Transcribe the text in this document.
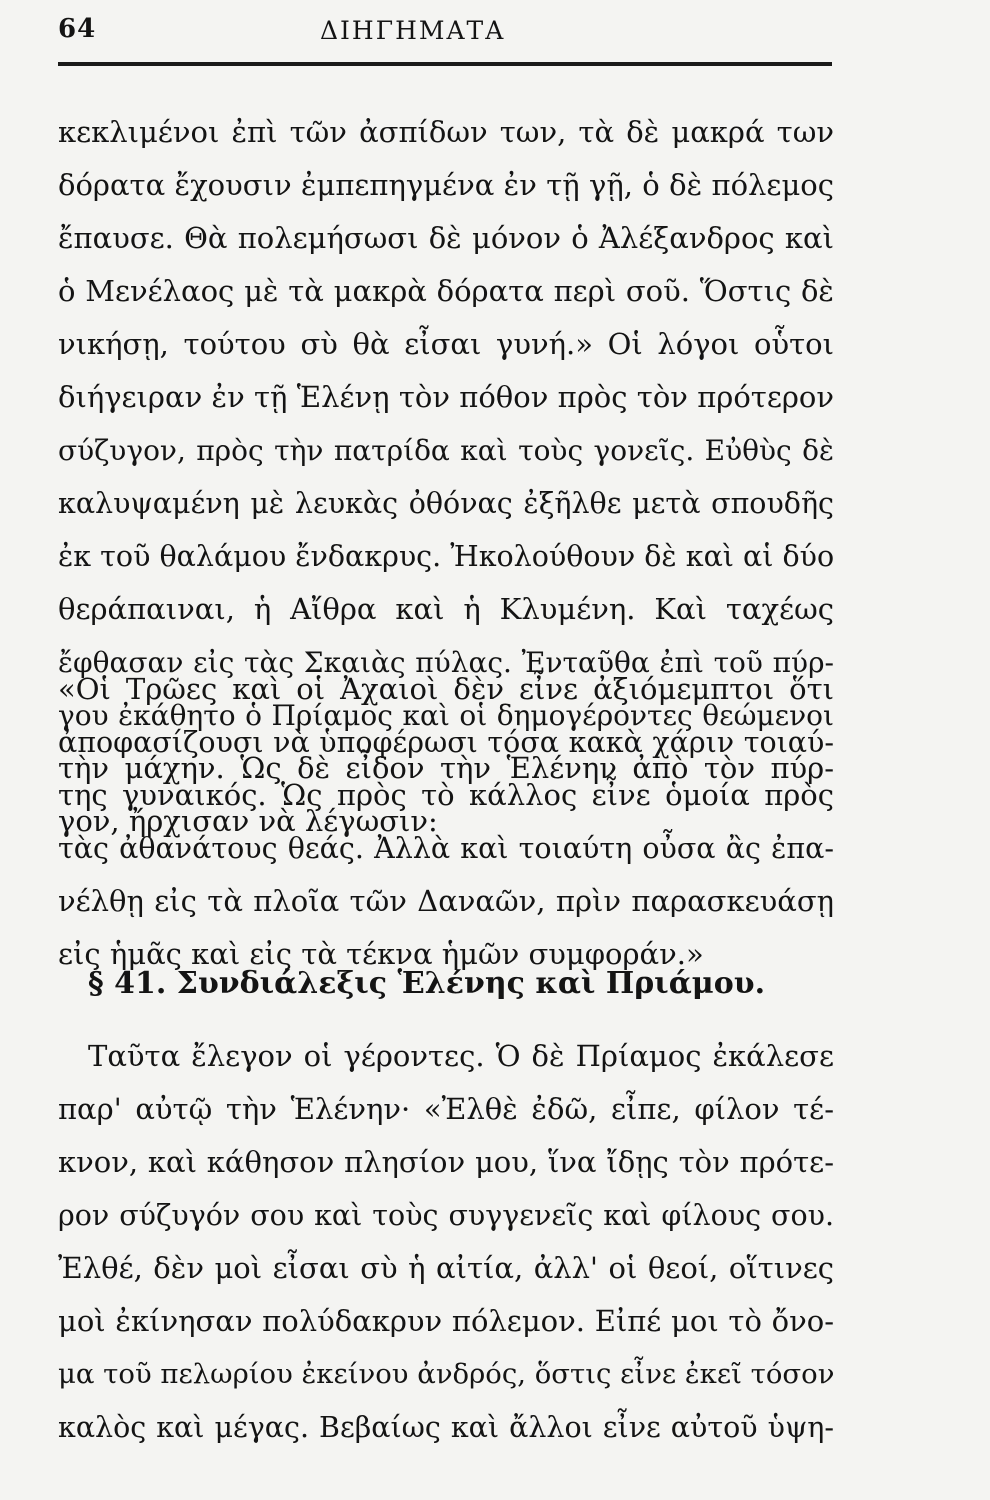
64	ΔΙΗΓΗΜΑΤΑ
κεκλιμένοι ἐπὶ τῶν ἀσπίδων των, τὰ δὲ μακρά των
δόρατα ἔχουσιν ἐμπεπηγμένα ἐν τῇ γῇ, ὁ δὲ πόλεμος
ἔπαυσε. Θὰ πολεμήσωσι δὲ μόνον ὁ Ἀλέξανδρος καὶ
ὁ Μενέλαος μὲ τὰ μακρὰ δόρατα περὶ σοῦ. Ὅστις δὲ
νικήσῃ, τούτου σὺ θὰ εἶσαι γυνή.» Οἱ λόγοι οὗτοι
διήγειραν ἐν τῇ Ἑλένῃ τὸν πόθον πρὸς τὸν πρότερον
σύζυγον, πρὸς τὴν πατρίδα καὶ τοὺς γονεῖς. Εὐθὺς δὲ
καλυψαμένη μὲ λευκὰς ὀθόνας ἐξῆλθε μετὰ σπουδῆς
ἐκ τοῦ θαλάμου ἔνδακρυς. Ἠκολούθουν δὲ καὶ αἱ δύο
θεράπαιναι, ἡ Αἴθρα καὶ ἡ Κλυμένη. Καὶ ταχέως
ἔφθασαν εἰς τὰς Σκαιὰς πύλας. Ἐνταῦθα ἐπὶ τοῦ πύρ-
γου ἐκάθητο ὁ Πρίαμος καὶ οἱ δημογέροντες θεώμενοι
τὴν μάχην. Ὡς δὲ εἶδον τὴν Ἑλένην ἀπὸ τὸν πύρ-
γον, ἤρχισαν νὰ λέγωσιν:
«Οἱ Τρῶες καὶ οἱ Ἀχαιοὶ δὲν εἶνε ἀξιόμεμπτοι ὅτι
ἀποφασίζουσι νὰ ὑποφέρωσι τόσα κακὰ χάριν τοιαύ-
της γυναικός. Ὡς πρὸς τὸ κάλλος εἶνε ὁμοία πρὸς
τὰς ἀθανάτους θεάς. Ἀλλὰ καὶ τοιαύτη οὖσα ἂς ἐπα-
νέλθῃ εἰς τὰ πλοῖα τῶν Δαναῶν, πρὶν παρασκευάσῃ
εἰς ἡμᾶς καὶ εἰς τὰ τέκνα ἡμῶν συμφοράν.»
§ 41. Συνδιάλεξις Ἑλένης καὶ Πριάμου.
Ταῦτα ἔλεγον οἱ γέροντες. Ὁ δὲ Πρίαμος ἐκάλεσε
παρ' αὐτῷ τὴν Ἑλένην· «Ἐλθὲ ἐδῶ, εἶπε, φίλον τέ-
κνον, καὶ κάθησον πλησίον μου, ἵνα ἴδῃς τὸν πρότε-
ρον σύζυγόν σου καὶ τοὺς συγγενεῖς καὶ φίλους σου.
Ἐλθέ, δὲν μοὶ εἶσαι σὺ ἡ αἰτία, ἀλλ' οἱ θεοί, οἵτινες
μοὶ ἐκίνησαν πολύδακρυν πόλεμον. Εἰπέ μοι τὸ ὄνο-
μα τοῦ πελωρίου ἐκείνου ἀνδρός, ὅστις εἶνε ἐκεῖ τόσον
καλὸς καὶ μέγας. Βεβαίως καὶ ἄλλοι εἶνε αὐτοῦ ὑψη-
